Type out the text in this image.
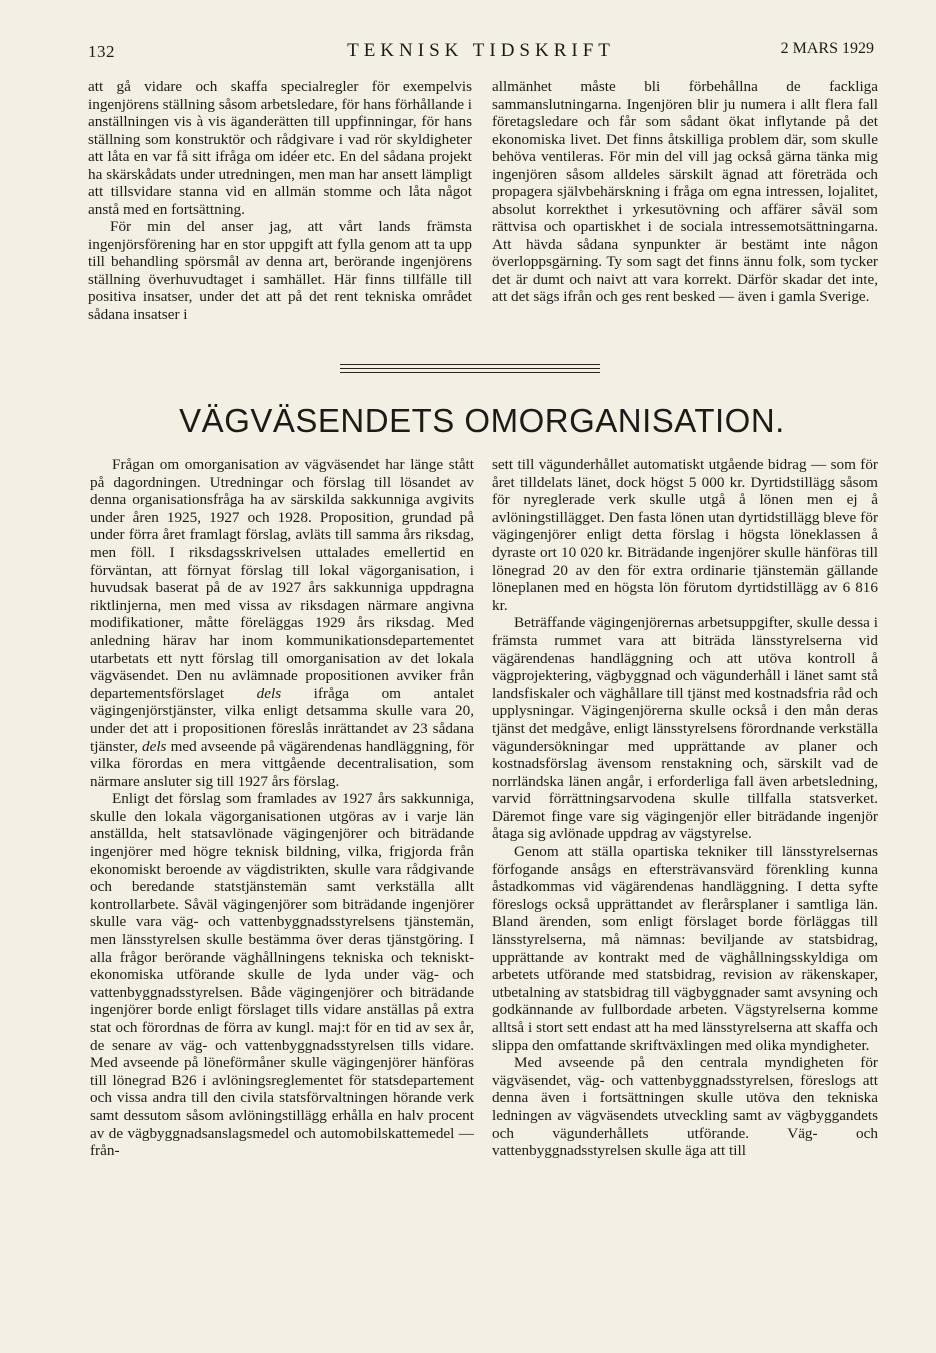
132	TEKNISK TIDSKRIFT	2 MARS 1929

att gå vidare och skaffa specialregler för exempelvis ingenjörens ställning såsom arbetsledare, för hans förhållande i anställningen vis à vis äganderätten till uppfinningar, för hans ställning som konstruktör och rådgivare i vad rör skyldigheter att låta en var få sitt ifråga om idéer etc. En del sådana projekt ha skärskådats under utredningen, men man har ansett lämpligt att tillsvidare stanna vid en allmän stomme och låta något anstå med en fortsättning.

För min del anser jag, att vårt lands främsta ingenjörsförening har en stor uppgift att fylla genom att ta upp till behandling spörsmål av denna art, berörande ingenjörens ställning överhuvudtaget i samhället. Här finns tillfälle till positiva insatser, under det att på det rent tekniska området sådana insatser i

allmänhet måste bli förbehållna de fackliga sammanslutningarna. Ingenjören blir ju numera i allt flera fall företagsledare och får som sådant ökat inflytande på det ekonomiska livet. Det finns åtskilliga problem där, som skulle behöva ventileras. För min del vill jag också gärna tänka mig ingenjören såsom alldeles särskilt ägnad att företräda och propagera självbehärskning i fråga om egna intressen, lojalitet, absolut korrekthet i yrkesutövning och affärer såväl som rättvisa och opartiskhet i de sociala intressemotsättningarna. Att hävda sådana synpunkter är bestämt inte någon överloppsgärning. Ty som sagt det finns ännu folk, som tycker det är dumt och naivt att vara korrekt. Därför skadar det inte, att det sägs ifrån och ges rent besked — även i gamla Sverige.

VÄGVÄSENDETS OMORGANISATION.

Frågan om omorganisation av vägväsendet har länge stått på dagordningen. Utredningar och förslag till lösandet av denna organisationsfråga ha av särskilda sakkunniga avgivits under åren 1925, 1927 och 1928. Proposition, grundad på under förra året framlagt förslag, avläts till samma års riksdag, men föll. I riksdagsskrivelsen uttalades emellertid en förväntan, att förnyat förslag till lokal vägorganisation, i huvudsak baserat på de av 1927 års sakkunniga uppdragna riktlinjerna, men med vissa av riksdagen närmare angivna modifikationer, måtte föreläggas 1929 års riksdag. Med anledning härav har inom kommunikationsdepartementet utarbetats ett nytt förslag till omorganisation av det lokala vägväsendet. Den nu avlämnade propositionen avviker från departementsförslaget dels ifråga om antalet vägingenjörstjänster, vilka enligt detsamma skulle vara 20, under det att i propositionen föreslås inrättandet av 23 sådana tjänster, dels med avseende på vägärendenas handläggning, för vilka förordas en mera vittgående decentralisation, som närmare ansluter sig till 1927 års förslag.

Enligt det förslag som framlades av 1927 års sakkunniga, skulle den lokala vägorganisationen utgöras av i varje län anställda, helt statsavlönade vägingenjörer och biträdande ingenjörer med högre teknisk bildning, vilka, frigjorda från ekonomiskt beroende av vägdistrikten, skulle vara rådgivande och beredande statstjänstemän samt verkställa allt kontrollarbete. Såväl vägingenjörer som biträdande ingenjörer skulle vara väg- och vattenbyggnadsstyrelsens tjänstemän, men länsstyrelsen skulle bestämma över deras tjänstgöring. I alla frågor berörande väghållningens tekniska och tekniskt-ekonomiska utförande skulle de lyda under väg- och vattenbyggnadsstyrelsen. Både vägingenjörer och biträdande ingenjörer borde enligt förslaget tills vidare anställas på extra stat och förordnas de förra av kungl. maj:t för en tid av sex år, de senare av väg- och vattenbyggnadsstyrelsen tills vidare. Med avseende på löneförmåner skulle vägingenjörer hänföras till lönegrad B26 i avlöningsreglementet för statsdepartement och vissa andra till den civila statsförvaltningen hörande verk samt dessutom såsom avlöningstillägg erhålla en halv procent av de vägbyggnadsanslagsmedel och automobilskattemedel — från-

sett till vägunderhållet automatiskt utgående bidrag — som för året tilldelats länet, dock högst 5 000 kr. Dyrtidstillägg såsom för nyreglerade verk skulle utgå å lönen men ej å avlöningstillägget. Den fasta lönen utan dyrtidstillägg bleve för vägingenjörer enligt detta förslag i högsta löneklassen å dyraste ort 10 020 kr. Biträdande ingenjörer skulle hänföras till lönegrad 20 av den för extra ordinarie tjänstemän gällande löneplanen med en högsta lön förutom dyrtidstillägg av 6 816 kr.

Beträffande vägingenjörernas arbetsuppgifter, skulle dessa i främsta rummet vara att biträda länsstyrelserna vid vägärendenas handläggning och att utöva kontroll å vägprojektering, vägbyggnad och vägunderhåll i länet samt stå landsfiskaler och väghållare till tjänst med kostnadsfria råd och upplysningar. Vägingenjörerna skulle också i den mån deras tjänst det medgåve, enligt länsstyrelsens förordnande verkställa vägundersökningar med upprättande av planer och kostnadsförslag ävensom renstakning och, särskilt vad de norrländska länen angår, i erforderliga fall även arbetsledning, varvid förrättningsarvodena skulle tillfalla statsverket. Däremot finge vare sig vägingenjör eller biträdande ingenjör åtaga sig avlönade uppdrag av vägstyrelse.

Genom att ställa opartiska tekniker till länsstyrelsernas förfogande ansågs en eftersträvansvärd förenkling kunna åstadkommas vid vägärendenas handläggning. I detta syfte föreslogs också upprättandet av flerårsplaner i samtliga län. Bland ärenden, som enligt förslaget borde förläggas till länsstyrelserna, må nämnas: beviljande av statsbidrag, upprättande av kontrakt med de väghållningsskyldiga om arbetets utförande med statsbidrag, revision av räkenskaper, utbetalning av statsbidrag till vägbyggnader samt avsyning och godkännande av fullbordade arbeten. Vägstyrelserna komme alltså i stort sett endast att ha med länsstyrelserna att skaffa och slippa den omfattande skriftväxlingen med olika myndigheter.

Med avseende på den centrala myndigheten för vägväsendet, väg- och vattenbyggnadsstyrelsen, föreslogs att denna även i fortsättningen skulle utöva den tekniska ledningen av vägväsendets utveckling samt av vägbyggandets och vägunderhållets utförande. Väg- och vattenbyggnadsstyrelsen skulle äga att till
